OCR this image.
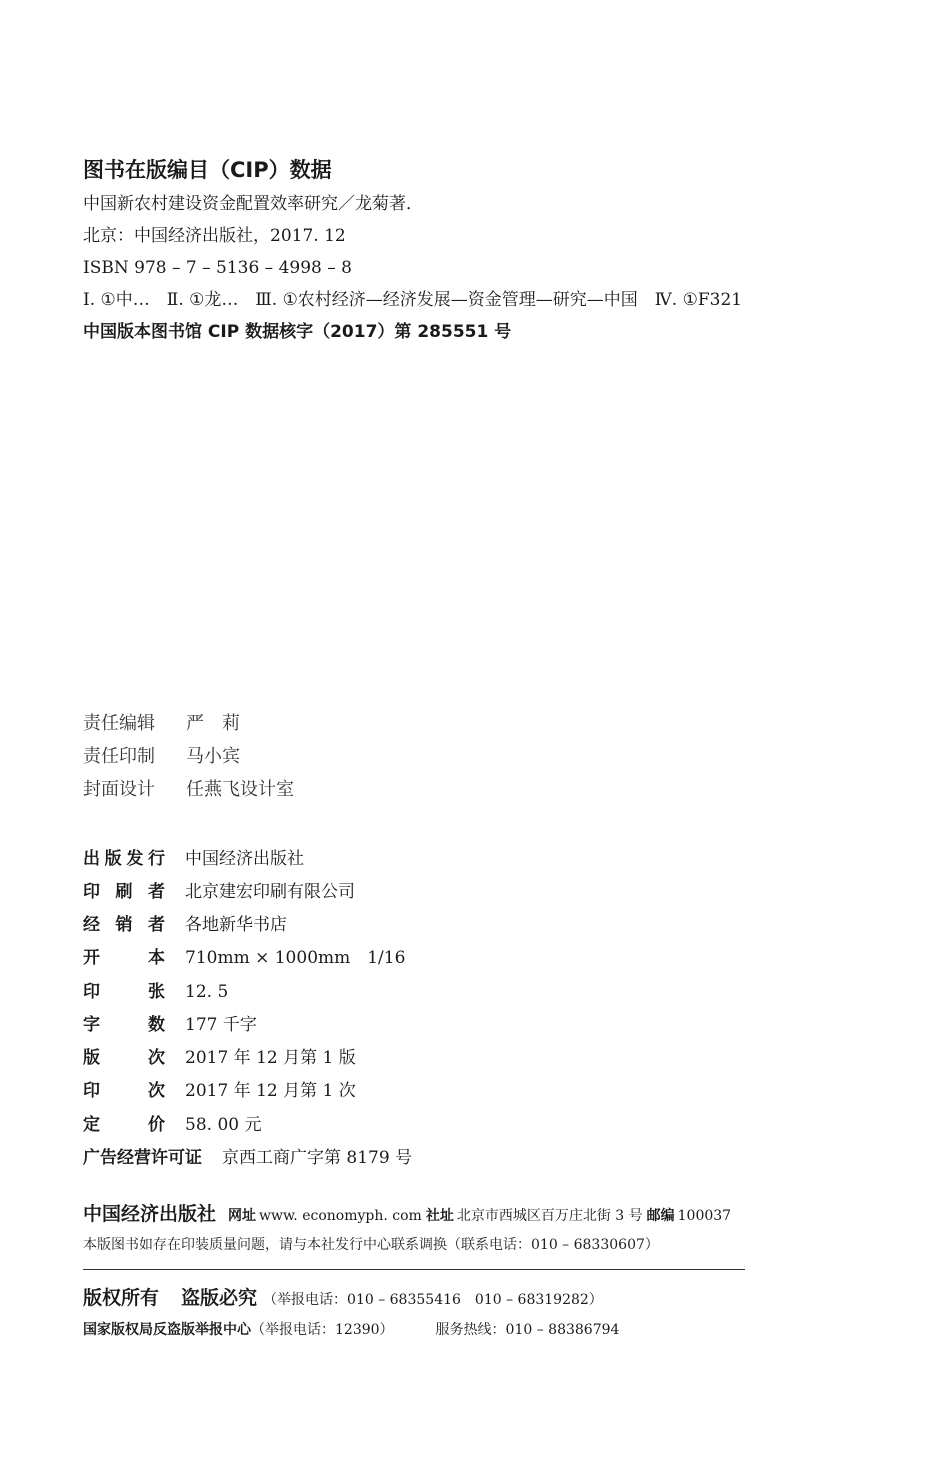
图书在版编目（CIP）数据
中国新农村建设资金配置效率研究／龙菊著．
北京：中国经济出版社，2017. 12
ISBN 978 – 7 – 5136 – 4998 – 8
Ⅰ. ①中…　Ⅱ. ①龙…　Ⅲ. ①农村经济—经济发展—资金管理—研究—中国　Ⅳ. ①F321
中国版本图书馆 CIP 数据核字（2017）第 285551 号
责任编辑 严　莉
责任印制 马小宾
封面设计 任燕飞设计室
出版发行 中国经济出版社
印刷者 北京建宏印刷有限公司
经销者 各地新华书店
开本 710mm × 1000mm　1/16
印张 12. 5
字数 177 千字
版次 2017 年 12 月第 1 版
印次 2017 年 12 月第 1 次
定价 58. 00 元
广告经营许可证 京西工商广字第 8179 号
中国经济出版社 网址 www. economyph. com 社址 北京市西城区百万庄北街 3 号 邮编 100037
本版图书如存在印装质量问题，请与本社发行中心联系调换（联系电话：010 – 68330607）
版权所有 盗版必究 （举报电话：010 – 68355416　010 – 68319282）
国家版权局反盗版举报中心（举报电话：12390）	服务热线：010 – 88386794
